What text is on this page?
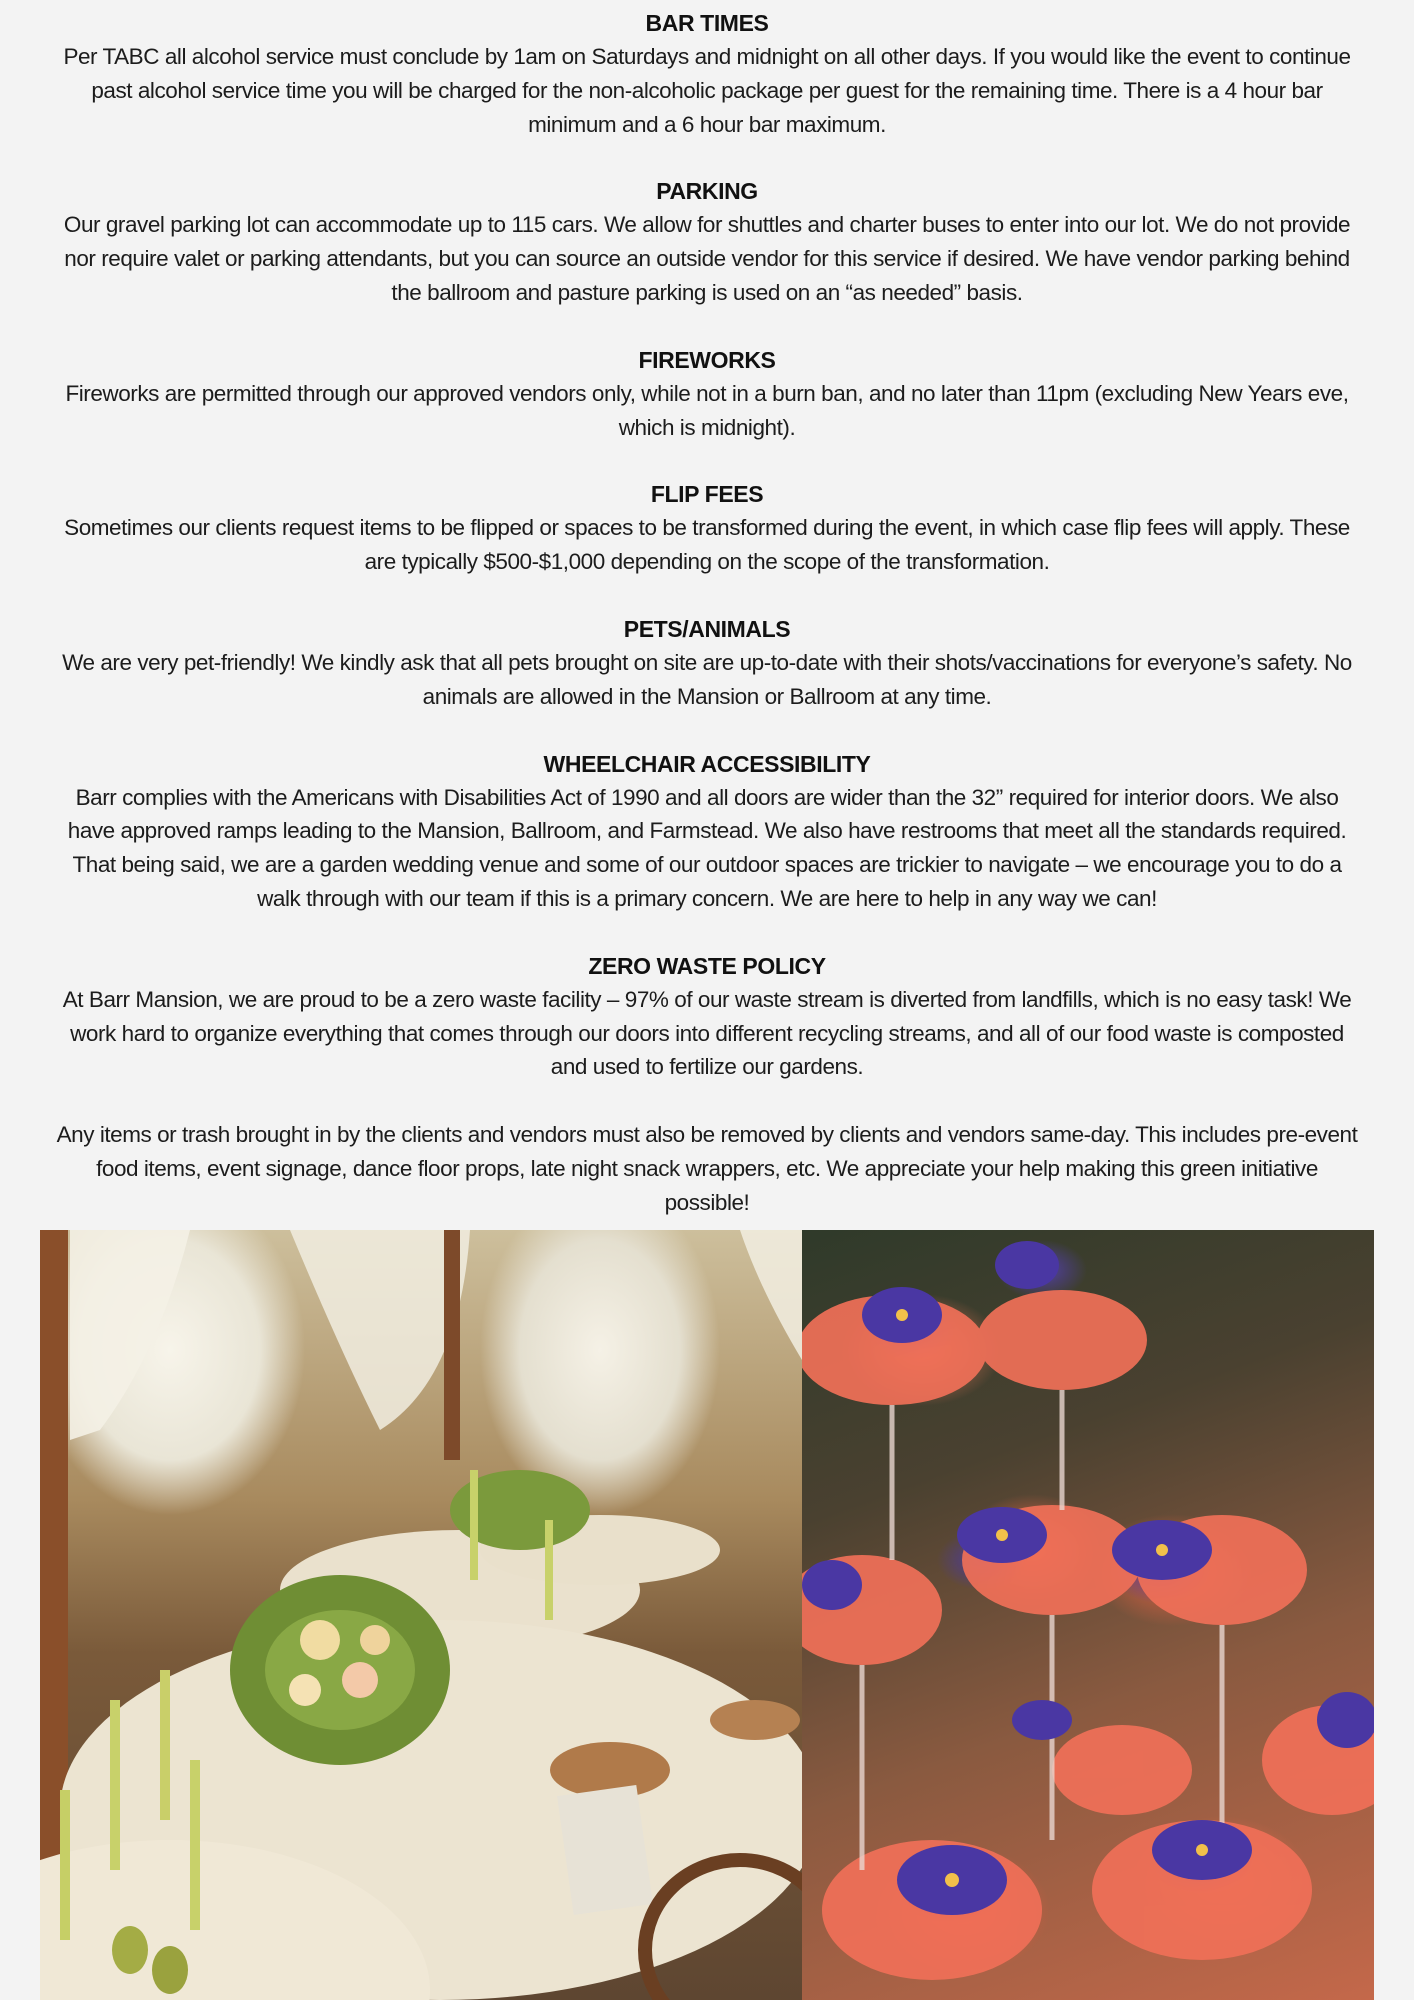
BAR TIMES

Per TABC all alcohol service must conclude by 1am on Saturdays and midnight on all other days. If you would like the event to continue past alcohol service time you will be charged for the non-alcoholic package per guest for the remaining time. There is a 4 hour bar minimum and a 6 hour bar maximum.

PARKING

Our gravel parking lot can accommodate up to 115 cars. We allow for shuttles and charter buses to enter into our lot. We do not provide nor require valet or parking attendants, but you can source an outside vendor for this service if desired. We have vendor parking behind the ballroom and pasture parking is used on an “as needed” basis.

FIREWORKS

Fireworks are permitted through our approved vendors only, while not in a burn ban, and no later than 11pm (excluding New Years eve, which is midnight).

FLIP FEES

Sometimes our clients request items to be flipped or spaces to be transformed during the event, in which case flip fees will apply. These are typically $500-$1,000 depending on the scope of the transformation.

PETS/ANIMALS

We are very pet-friendly! We kindly ask that all pets brought on site are up-to-date with their shots/vaccinations for everyone’s safety. No animals are allowed in the Mansion or Ballroom at any time.

WHEELCHAIR ACCESSIBILITY

Barr complies with the Americans with Disabilities Act of 1990 and all doors are wider than the 32” required for interior doors. We also have approved ramps leading to the Mansion, Ballroom, and Farmstead. We also have restrooms that meet all the standards required. That being said, we are a garden wedding venue and some of our outdoor spaces are trickier to navigate – we encourage you to do a walk through with our team if this is a primary concern. We are here to help in any way we can!

ZERO WASTE POLICY

At Barr Mansion, we are proud to be a zero waste facility – 97% of our waste stream is diverted from landfills, which is no easy task! We work hard to organize everything that comes through our doors into different recycling streams, and all of our food waste is composted and used to fertilize our gardens.

Any items or trash brought in by the clients and vendors must also be removed by clients and vendors same-day. This includes pre-event food items, event signage, dance floor props, late night snack wrappers, etc. We appreciate your help making this green initiative possible!
